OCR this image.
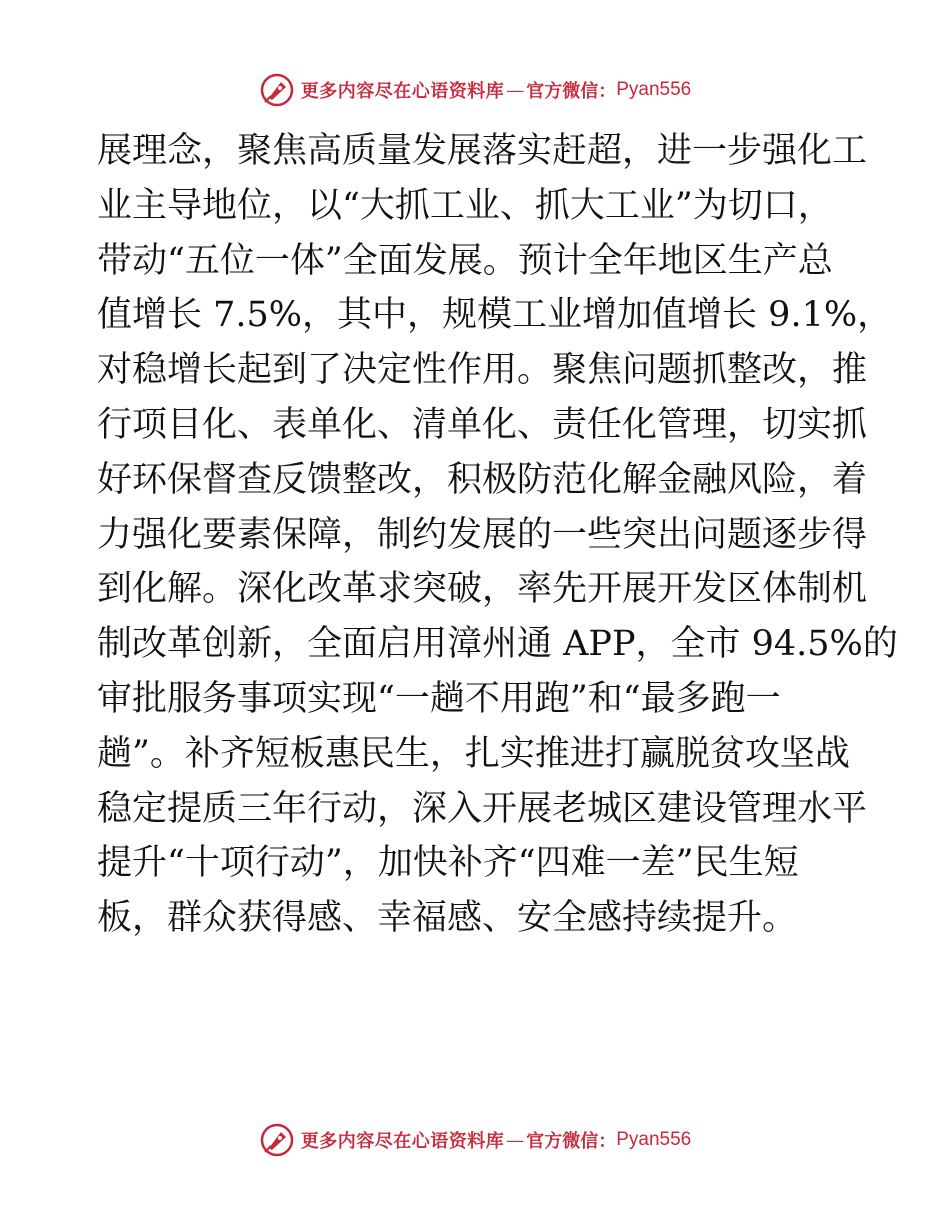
更多内容尽在心语资料库 — 官方微信： Pyan556
展理念，聚焦高质量发展落实赶超，进一步强化工
业主导地位，以“大抓工业、抓大工业”为切口，
带动“五位一体”全面发展。预计全年地区生产总
值增长 7.5%，其中，规模工业增加值增长 9.1%，
对稳增长起到了决定性作用。聚焦问题抓整改，推
行项目化、表单化、清单化、责任化管理，切实抓
好环保督查反馈整改，积极防范化解金融风险，着
力强化要素保障，制约发展的一些突出问题逐步得
到化解。深化改革求突破，率先开展开发区体制机
制改革创新，全面启用漳州通 APP，全市 94.5%的
审批服务事项实现“一趟不用跑”和“最多跑一
趟”。补齐短板惠民生，扎实推进打赢脱贫攻坚战
稳定提质三年行动，深入开展老城区建设管理水平
提升“十项行动”，加快补齐“四难一差”民生短
板，群众获得感、幸福感、安全感持续提升。
更多内容尽在心语资料库 — 官方微信： Pyan556
